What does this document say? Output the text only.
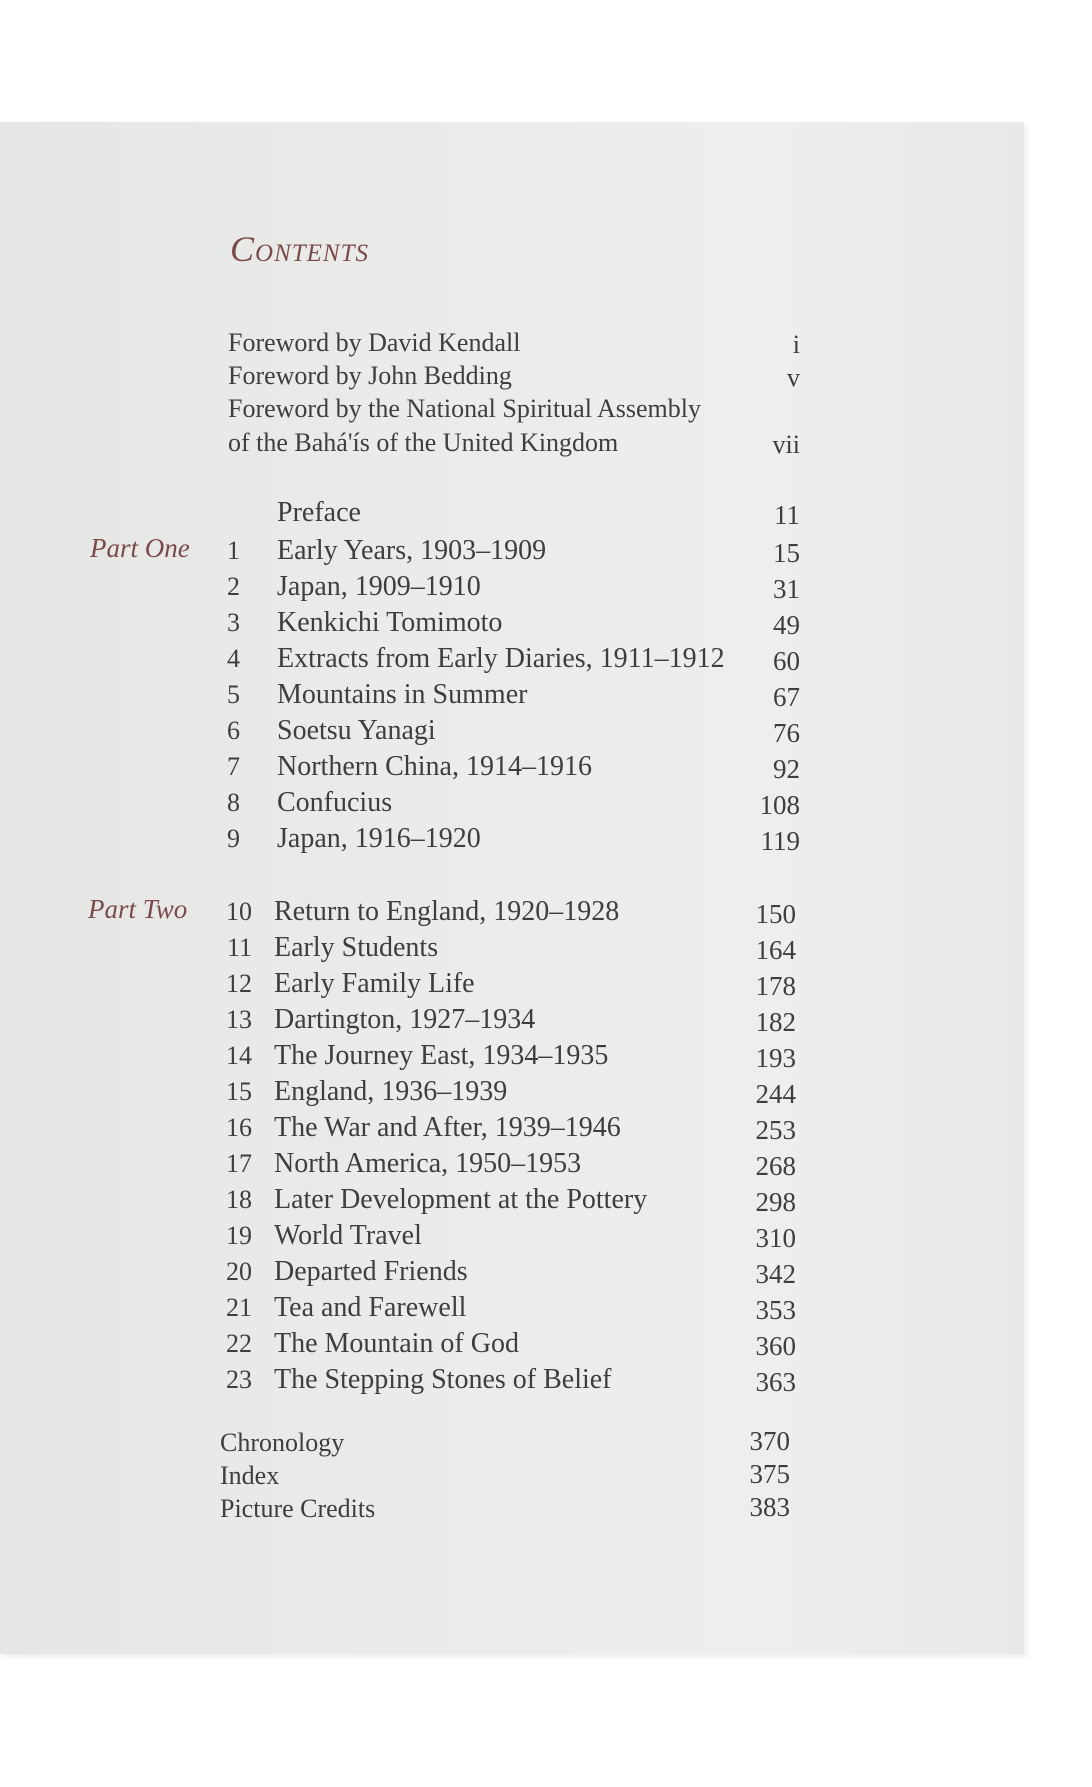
Contents
Foreword by David Kendall	i
Foreword by John Bedding	v
Foreword by the National Spiritual Assembly
of the Bahá'ís of the United Kingdom	vii
Preface	11
Part One	1 Early Years, 1903–1909	15
2 Japan, 1909–1910	31
3 Kenkichi Tomimoto	49
4 Extracts from Early Diaries, 1911–1912	60
5 Mountains in Summer	67
6 Soetsu Yanagi	76
7 Northern China, 1914–1916	92
8 Confucius	108
9 Japan, 1916–1920	119
Part Two 10 Return to England, 1920–1928	150
11 Early Students	164
12 Early Family Life	178
13 Dartington, 1927–1934	182
14 The Journey East, 1934–1935	193
15 England, 1936–1939	244
16 The War and After, 1939–1946	253
17 North America, 1950–1953	268
18 Later Development at the Pottery	298
19 World Travel	310
20 Departed Friends	342
21 Tea and Farewell	353
22 The Mountain of God	360
23 The Stepping Stones of Belief	363
Chronology	370
Index	375
Picture Credits	383
